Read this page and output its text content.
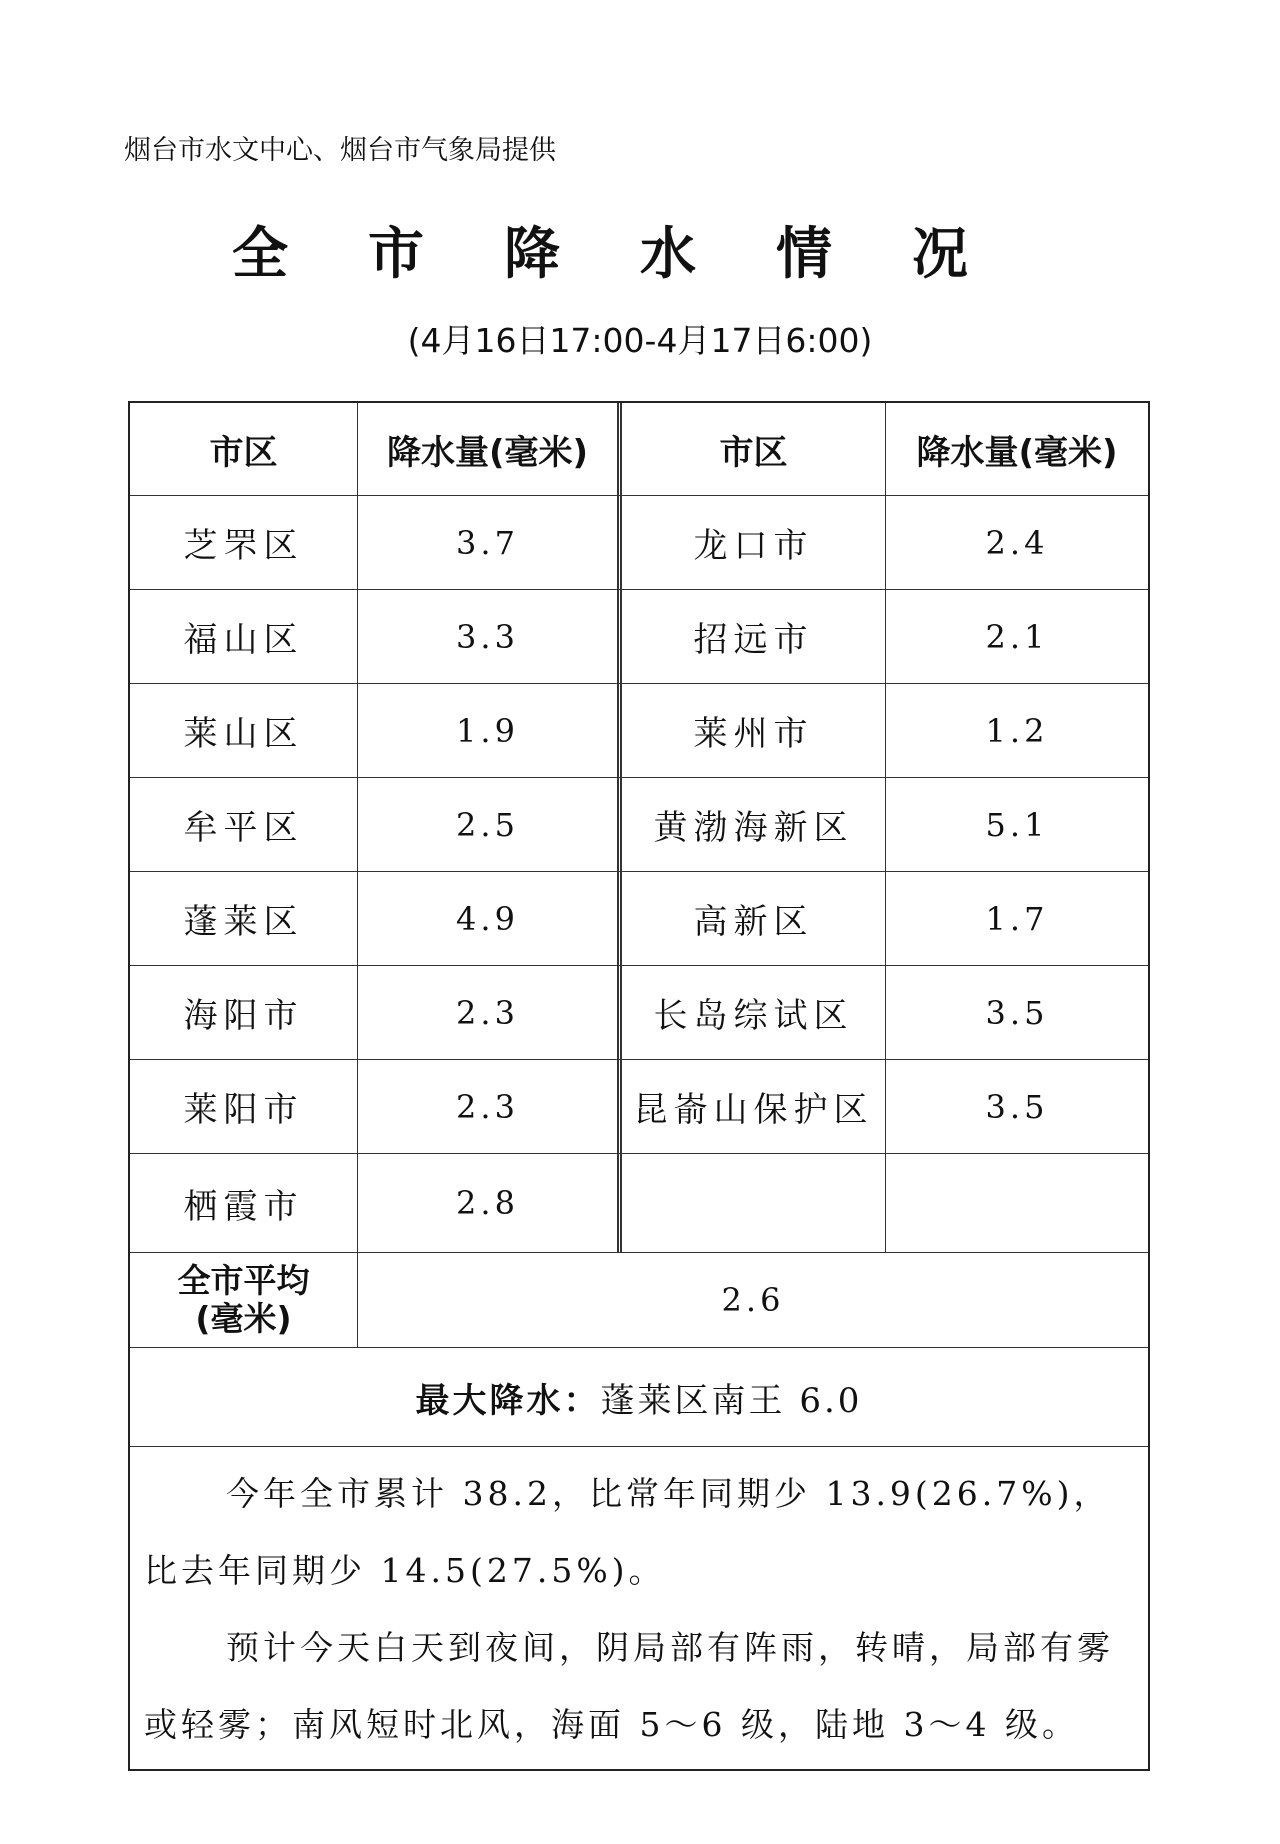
烟台市水文中心、烟台市气象局提供
全市降水情况
(4月16日17:00-4月17日6:00)
市区	降水量(毫米)	市区	降水量(毫米)
芝罘区	3.7	龙口市	2.4
福山区	3.3	招远市	2.1
莱山区	1.9	莱州市	1.2
牟平区	2.5	黄渤海新区	5.1
蓬莱区	4.9	高新区	1.7
海阳市	2.3	长岛综试区	3.5
莱阳市	2.3	昆嵛山保护区	3.5
栖霞市	2.8
全市平均
(毫米)	2.6
最大降水： 蓬莱区南王 6.0

今年全市累计 38.2，比常年同期少 13.9(26.7%)，比去年同期少 14.5(27.5%)。

预计今天白天到夜间，阴局部有阵雨，转晴，局部有雾或轻雾；南风短时北风，海面 5～6 级，陆地 3～4 级。
